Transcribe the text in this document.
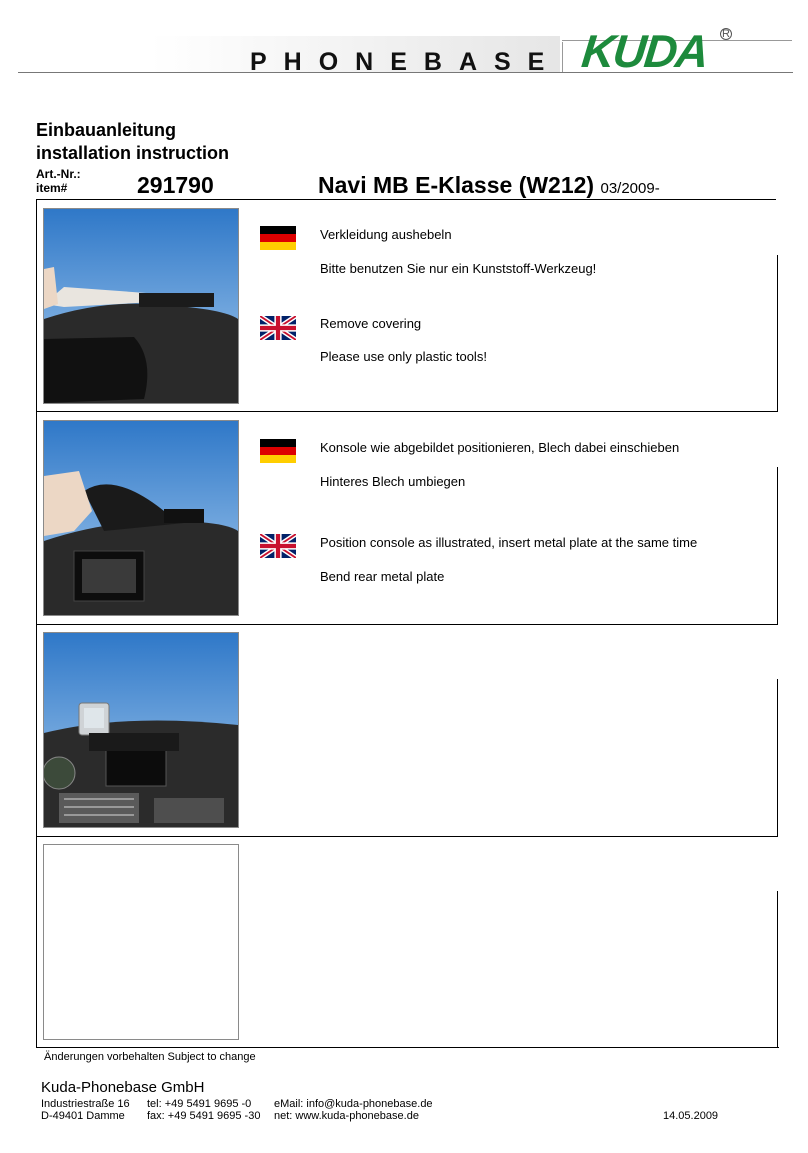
PHONEBASE KUDA R
Einbauanleitung
installation instruction
Art.-Nr.:
item#	291790	Navi MB E-Klasse (W212) 03/2009-
Verkleidung aushebeln
Bitte benutzen Sie nur ein Kunststoff-Werkzeug!
Remove covering
Please use only plastic tools!
Konsole wie abgebildet positionieren, Blech dabei einschieben
Hinteres Blech umbiegen
Position console as illustrated, insert metal plate at the same time
Bend rear metal plate
Änderungen vorbehalten Subject to change
Kuda-Phonebase GmbH
Industriestraße 16
D-49401 Damme
tel: +49 5491 9695 -0
fax: +49 5491 9695 -30
eMail: info@kuda-phonebase.de
net: www.kuda-phonebase.de	14.05.2009
